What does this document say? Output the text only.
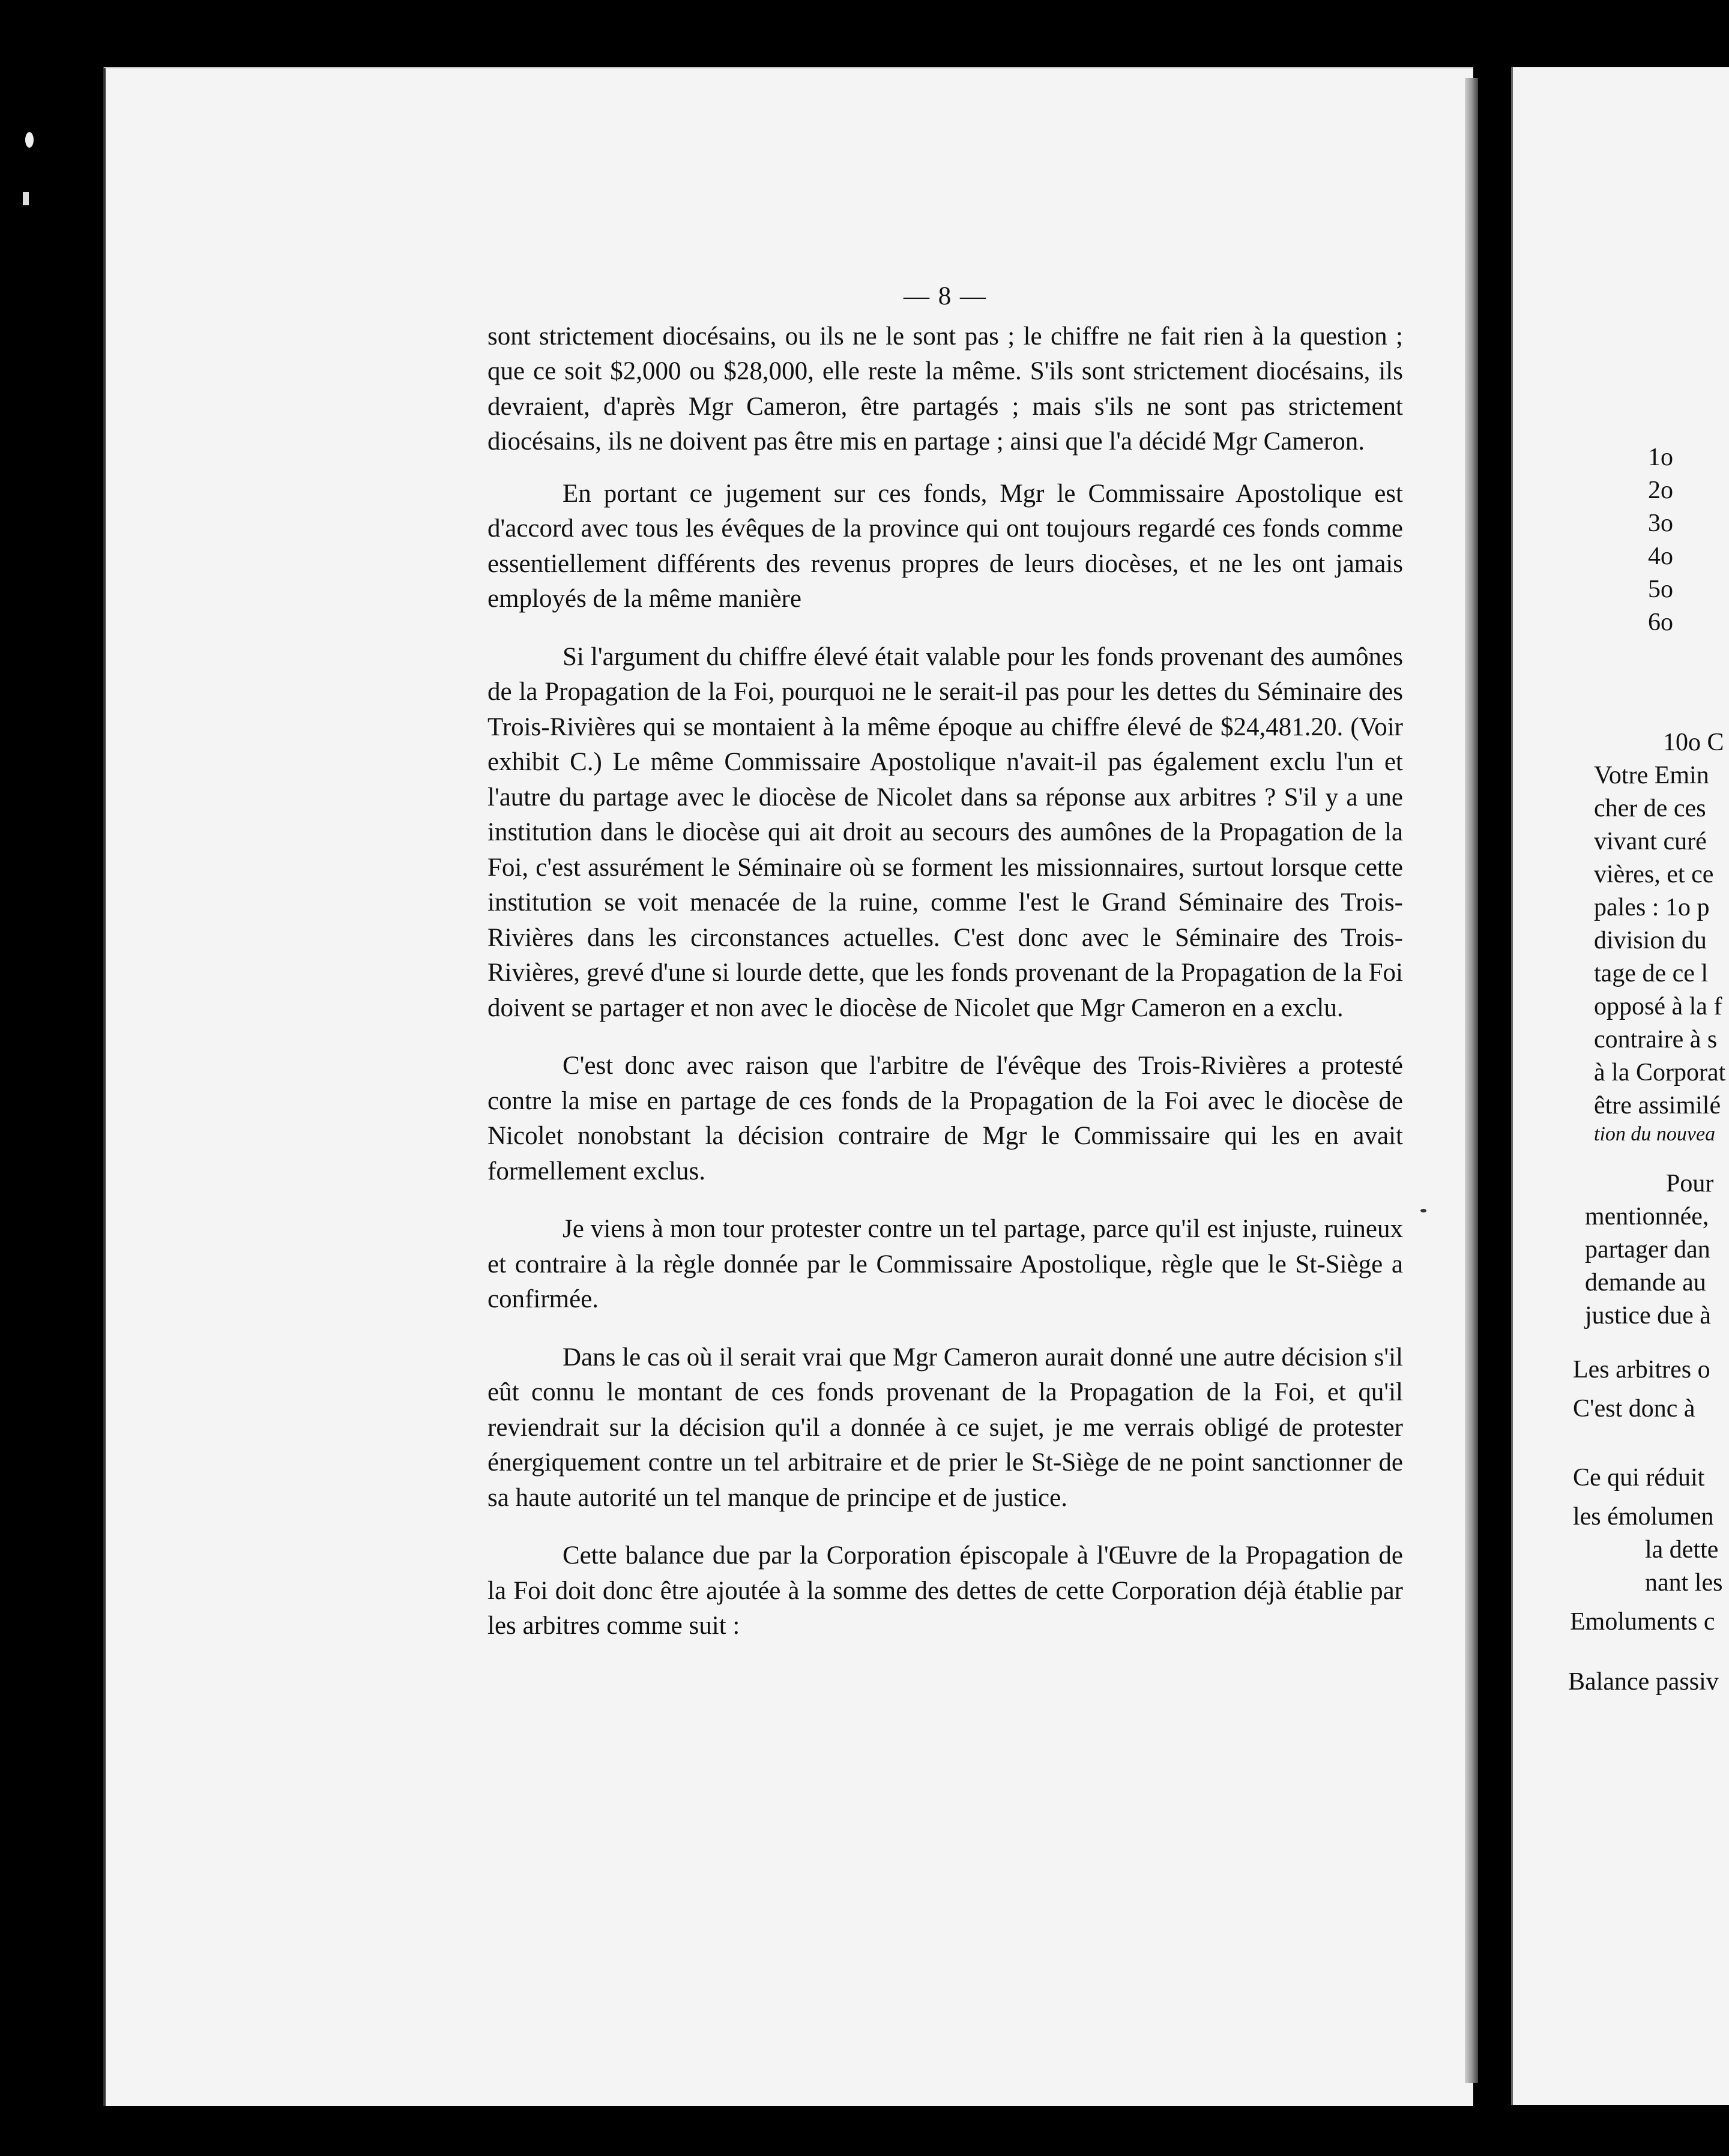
— 8 —

sont strictement diocésains, ou ils ne le sont pas ; le chiffre ne fait rien à la question ; que ce soit $2,000 ou $28,000, elle reste la même. S'ils sont strictement diocésains, ils devraient, d'après Mgr Cameron, être partagés ; mais s'ils ne sont pas strictement diocésains, ils ne doivent pas être mis en partage ; ainsi que l'a décidé Mgr Cameron.

En portant ce jugement sur ces fonds, Mgr le Commissaire Apostolique est d'accord avec tous les évêques de la province qui ont toujours regardé ces fonds comme essentiellement différents des revenus propres de leurs diocèses, et ne les ont jamais employés de la même manière

Si l'argument du chiffre élevé était valable pour les fonds provenant des aumônes de la Propagation de la Foi, pourquoi ne le serait-il pas pour les dettes du Séminaire des Trois-Rivières qui se montaient à la même époque au chiffre élevé de $24,481.20. (Voir exhibit C.) Le même Commissaire Apostolique n'avait-il pas également exclu l'un et l'autre du partage avec le diocèse de Nicolet dans sa réponse aux arbitres ? S'il y a une institution dans le diocèse qui ait droit au secours des aumônes de la Propagation de la Foi, c'est assurément le Séminaire où se forment les missionnaires, surtout lorsque cette institution se voit menacée de la ruine, comme l'est le Grand Séminaire des Trois-Rivières dans les circonstances actuelles. C'est donc avec le Séminaire des Trois-Rivières, grevé d'une si lourde dette, que les fonds provenant de la Propagation de la Foi doivent se partager et non avec le diocèse de Nicolet que Mgr Cameron en a exclu.

C'est donc avec raison que l'arbitre de l'évêque des Trois-Rivières a protesté contre la mise en partage de ces fonds de la Propagation de la Foi avec le diocèse de Nicolet nonobstant la décision contraire de Mgr le Commissaire qui les en avait formellement exclus.

Je viens à mon tour protester contre un tel partage, parce qu'il est injuste, ruineux et contraire à la règle donnée par le Commissaire Apostolique, règle que le St-Siège a confirmée.

Dans le cas où il serait vrai que Mgr Cameron aurait donné une autre décision s'il eût connu le montant de ces fonds provenant de la Propagation de la Foi, et qu'il reviendrait sur la décision qu'il a donnée à ce sujet, je me verrais obligé de protester énergiquement contre un tel arbitraire et de prier le St-Siège de ne point sanctionner de sa haute autorité un tel manque de principe et de justice.

Cette balance due par la Corporation épiscopale à l'Œuvre de la Propagation de la Foi doit donc être ajoutée à la somme des dettes de cette Corporation déjà établie par les arbitres comme suit :

1o
2o
3o
4o
5o
6o
10o C
Votre Emin
cher de ces
vivant curé
vières, et ce
pales : 1o p
division du
tage de ce l
opposé à la f
contraire à s
à la Corporat
être assimilé
tion du nouvea
Pour
mentionnée,
partager dan
demande au
justice due à
Les arbitres o
C'est donc à
Ce qui réduit
les émolumen
la dette
nant les
Emoluments c
Balance passiv
